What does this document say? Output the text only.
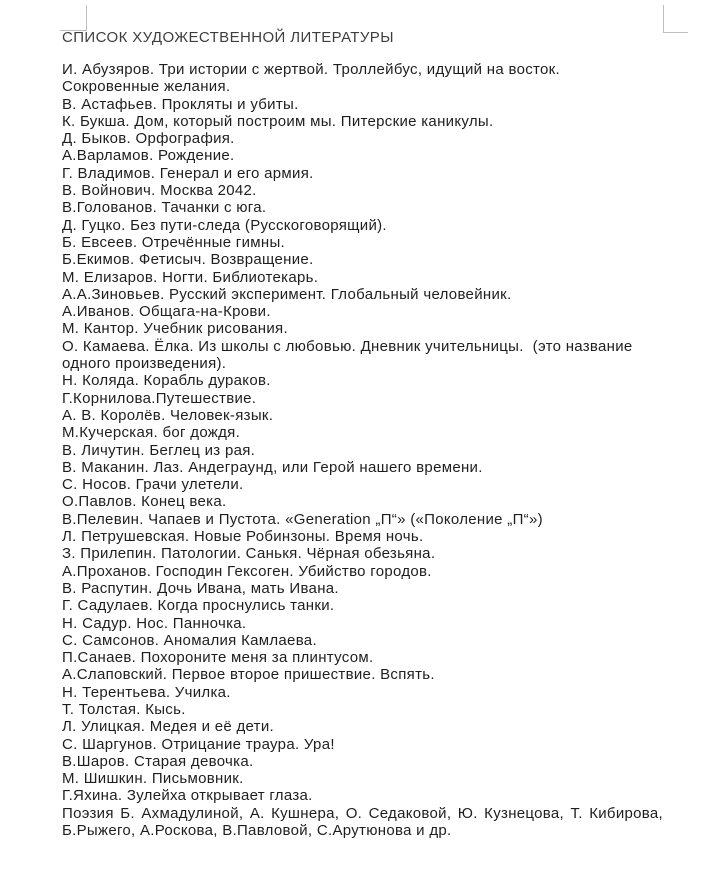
СПИСОК ХУДОЖЕСТВЕННОЙ ЛИТЕРАТУРЫ
И. Абузяров. Три истории с жертвой. Троллейбус, идущий на восток.
Сокровенные желания.
В. Астафьев. Прокляты и убиты.
К. Букша. Дом, который построим мы. Питерские каникулы.
Д. Быков. Орфография.
А.Варламов. Рождение.
Г. Владимов. Генерал и его армия.
В. Войнович. Москва 2042.
В.Голованов. Тачанки с юга.
Д. Гуцко. Без пути-следа (Русскоговорящий).
Б. Евсеев. Отречённые гимны.
Б.Екимов. Фетисыч. Возвращение.
М. Елизаров. Ногти. Библиотекарь.
А.А.Зиновьев. Русский эксперимент. Глобальный человейник.
А.Иванов. Общага-на-Крови.
М. Кантор. Учебник рисования.
О. Камаева. Ёлка. Из школы с любовью. Дневник учительницы.  (это название
одного произведения).
Н. Коляда. Корабль дураков.
Г.Корнилова.Путешествие.
А. В. Королёв. Человек-язык.
М.Кучерская. бог дождя.
В. Личутин. Беглец из рая.
В. Маканин. Лаз. Андеграунд, или Герой нашего времени.
С. Носов. Грачи улетели.
О.Павлов. Конец века.
В.Пелевин. Чапаев и Пустота. «Generation „П“» («Поколение „П“»)
Л. Петрушевская. Новые Робинзоны. Время ночь.
З. Прилепин. Патологии. Санькя. Чёрная обезьяна.
А.Проханов. Господин Гексоген. Убийство городов.
В. Распутин. Дочь Ивана, мать Ивана.
Г. Садулаев. Когда проснулись танки.
Н. Садур. Нос. Панночка.
С. Самсонов. Аномалия Камлаева.
П.Санаев. Похороните меня за плинтусом.
А.Слаповский. Первое второе пришествие. Вспять.
Н. Терентьева. Училка.
Т. Толстая. Кысь.
Л. Улицкая. Медея и её дети.
С. Шаргунов. Отрицание траура. Ура!
В.Шаров. Старая девочка.
М. Шишкин. Письмовник.
Г.Яхина. Зулейха открывает глаза.
Поэзия Б. Ахмадулиной, А. Кушнера, О. Седаковой, Ю. Кузнецова, Т. Кибирова,
Б.Рыжего, А.Роскова, В.Павловой, С.Арутюнова и др.
